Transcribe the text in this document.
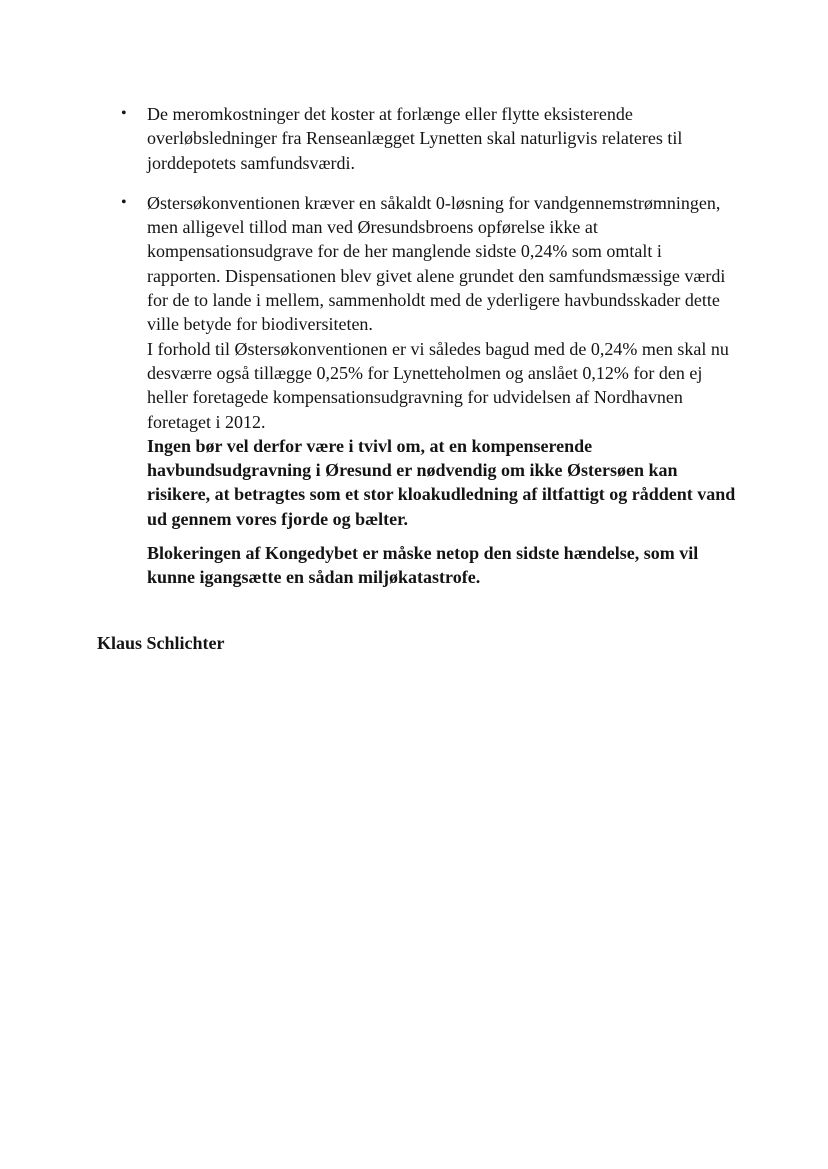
• De meromkostninger det koster at forlænge eller flytte eksisterende overløbsledninger fra Renseanlægget Lynetten skal naturligvis relateres til jorddepotets samfundsværdi.
• Østersøkonventionen kræver en såkaldt 0-løsning for vandgennemstrømningen, men alligevel tillod man ved Øresundsbroens opførelse ikke at kompensationsudgrave for de her manglende sidste 0,24% som omtalt i rapporten. Dispensationen blev givet alene grundet den samfundsmæssige værdi for de to lande i mellem, sammenholdt med de yderligere havbundsskader dette ville betyde for biodiversiteten.
I forhold til Østersøkonventionen er vi således bagud med de 0,24% men skal nu desværre også tillægge 0,25% for Lynetteholmen og anslået 0,12% for den ej heller foretagede kompensationsudgravning for udvidelsen af Nordhavnen foretaget i 2012.
Ingen bør vel derfor være i tvivl om, at en kompenserende havbundsudgravning i Øresund er nødvendig om ikke Østersøen kan risikere, at betragtes som et stor kloakudledning af iltfattigt og råddent vand ud gennem vores fjorde og bælter.
Blokeringen af Kongedybet er måske netop den sidste hændelse, som vil kunne igangsætte en sådan miljøkatastrofe.

Klaus Schlichter
